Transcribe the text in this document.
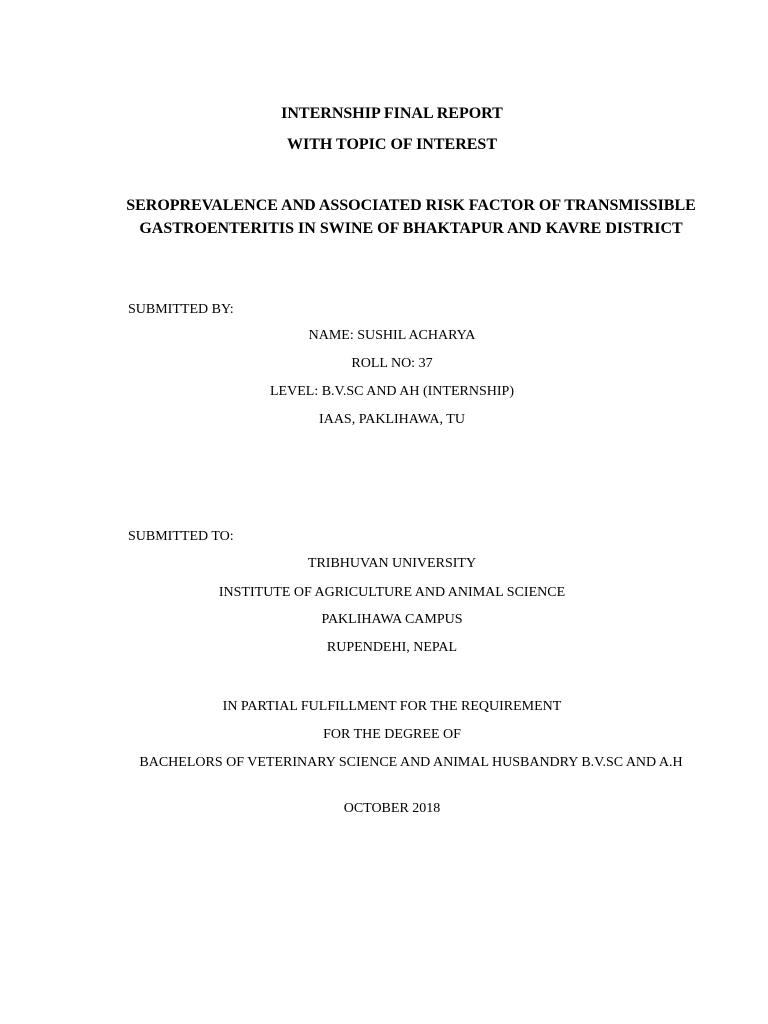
INTERNSHIP FINAL REPORT
WITH TOPIC OF INTEREST
SEROPREVALENCE AND ASSOCIATED RISK FACTOR OF TRANSMISSIBLE GASTROENTERITIS IN SWINE OF BHAKTAPUR AND KAVRE DISTRICT
SUBMITTED BY:
NAME: SUSHIL ACHARYA
ROLL NO: 37
LEVEL: B.V.SC AND AH (INTERNSHIP)
IAAS, PAKLIHAWA, TU
SUBMITTED TO:
TRIBHUVAN UNIVERSITY
INSTITUTE OF AGRICULTURE AND ANIMAL SCIENCE
PAKLIHAWA CAMPUS
RUPENDEHI, NEPAL
IN PARTIAL FULFILLMENT FOR THE REQUIREMENT
FOR THE DEGREE OF
BACHELORS OF VETERINARY SCIENCE AND ANIMAL HUSBANDRY B.V.SC AND A.H
OCTOBER 2018
